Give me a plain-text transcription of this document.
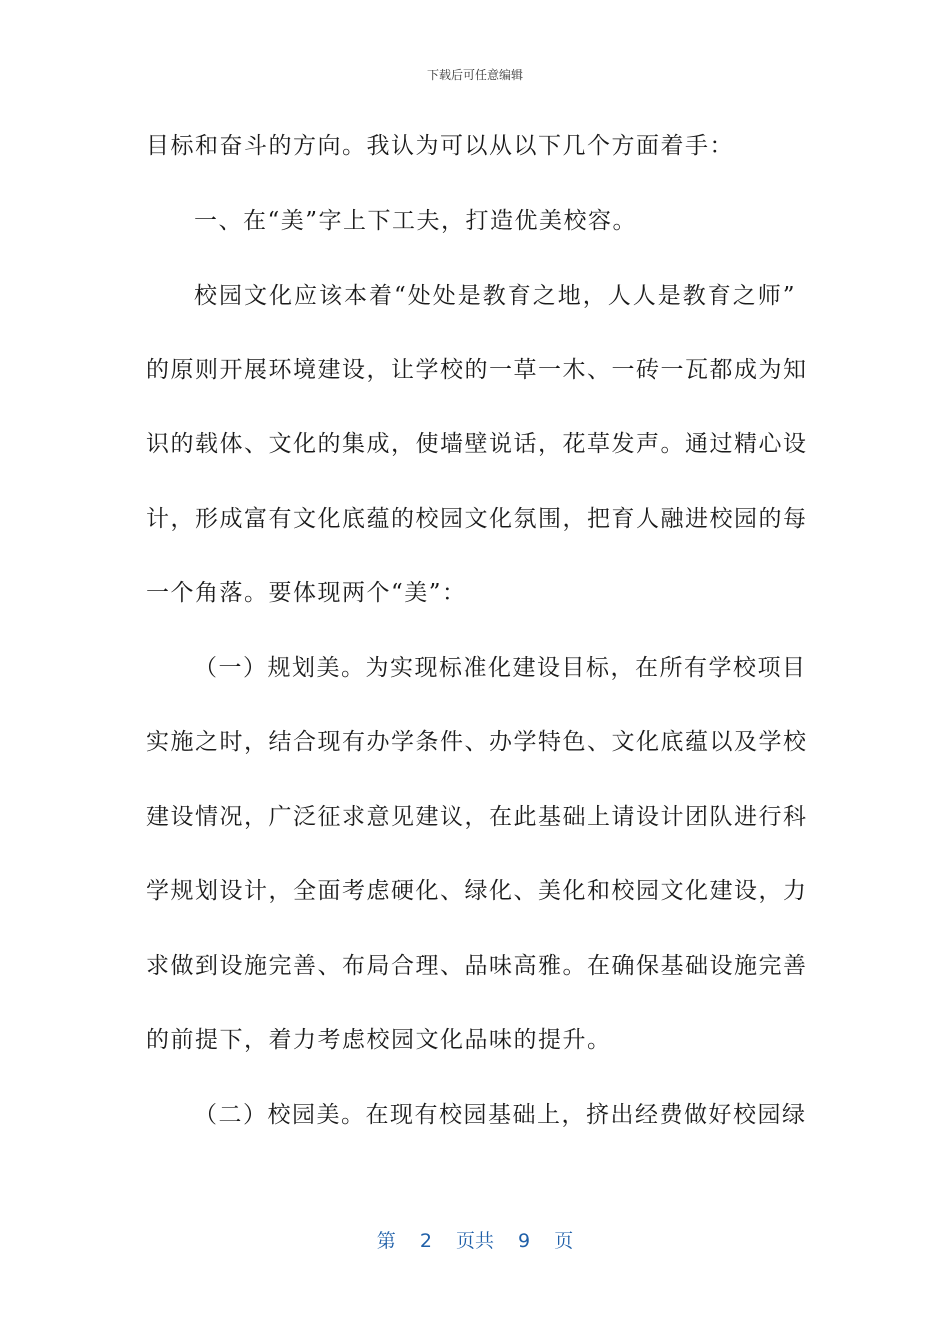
下载后可任意编辑
目标和奋斗的方向。我认为可以从以下几个方面着手：
一、在“美”字上下工夫，打造优美校容。
校园文化应该本着“处处是教育之地，人人是教育之师”
的原则开展环境建设，让学校的一草一木、一砖一瓦都成为知
识的载体、文化的集成，使墙壁说话，花草发声。通过精心设
计，形成富有文化底蕴的校园文化氛围，把育人融进校园的每
一个角落。要体现两个“美”：
（一）规划美。为实现标准化建设目标，在所有学校项目
实施之时，结合现有办学条件、办学特色、文化底蕴以及学校
建设情况，广泛征求意见建议，在此基础上请设计团队进行科
学规划设计，全面考虑硬化、绿化、美化和校园文化建设，力
求做到设施完善、布局合理、品味高雅。在确保基础设施完善
的前提下，着力考虑校园文化品味的提升。
（二）校园美。在现有校园基础上，挤出经费做好校园绿
第 2 页共 9 页
